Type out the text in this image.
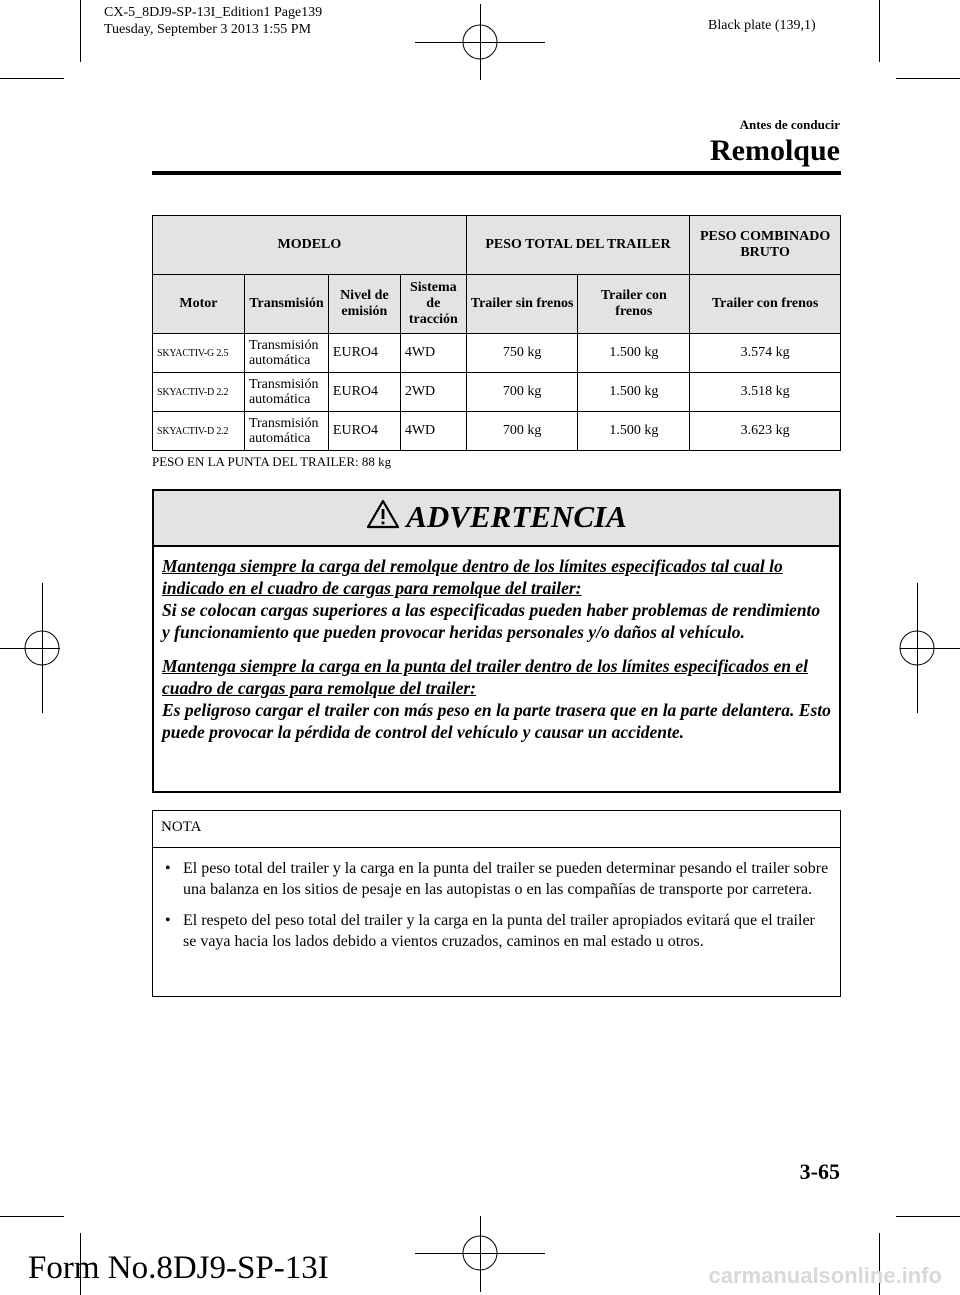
CX-5_8DJ9-SP-13I_Edition1 Page139
Tuesday, September 3 2013 1:55 PM	Black plate (139,1)
Antes de conducir
Remolque
MODELO				PESO TOTAL DEL TRAILER		PESO COMBINADO BRUTO
Motor	Transmisión	Nivel de emisión	Sistema de tracción	Trailer sin frenos	Trailer con frenos	Trailer con frenos
SKYACTIV-G 2.5	Transmisión automática	EURO4	4WD	750 kg	1.500 kg	3.574 kg
SKYACTIV-D 2.2	Transmisión automática	EURO4	2WD	700 kg	1.500 kg	3.518 kg
SKYACTIV-D 2.2	Transmisión automática	EURO4	4WD	700 kg	1.500 kg	3.623 kg
PESO EN LA PUNTA DEL TRAILER: 88 kg
ADVERTENCIA

Mantenga siempre la carga del remolque dentro de los límites especificados tal cual lo indicado en el cuadro de cargas para remolque del trailer:
Si se colocan cargas superiores a las especificadas pueden haber problemas de rendimiento y funcionamiento que pueden provocar heridas personales y/o daños al vehículo.

Mantenga siempre la carga en la punta del trailer dentro de los límites especificados en el cuadro de cargas para remolque del trailer:
Es peligroso cargar el trailer con más peso en la parte trasera que en la parte delantera. Esto puede provocar la pérdida de control del vehículo y causar un accidente.

NOTA
• El peso total del trailer y la carga en la punta del trailer se pueden determinar pesando el trailer sobre una balanza en los sitios de pesaje en las autopistas o en las compañías de transporte por carretera.
• El respeto del peso total del trailer y la carga en la punta del trailer apropiados evitará que el trailer se vaya hacia los lados debido a vientos cruzados, caminos en mal estado u otros.
3-65
Form No.8DJ9-SP-13I	carmanualsonline.info
